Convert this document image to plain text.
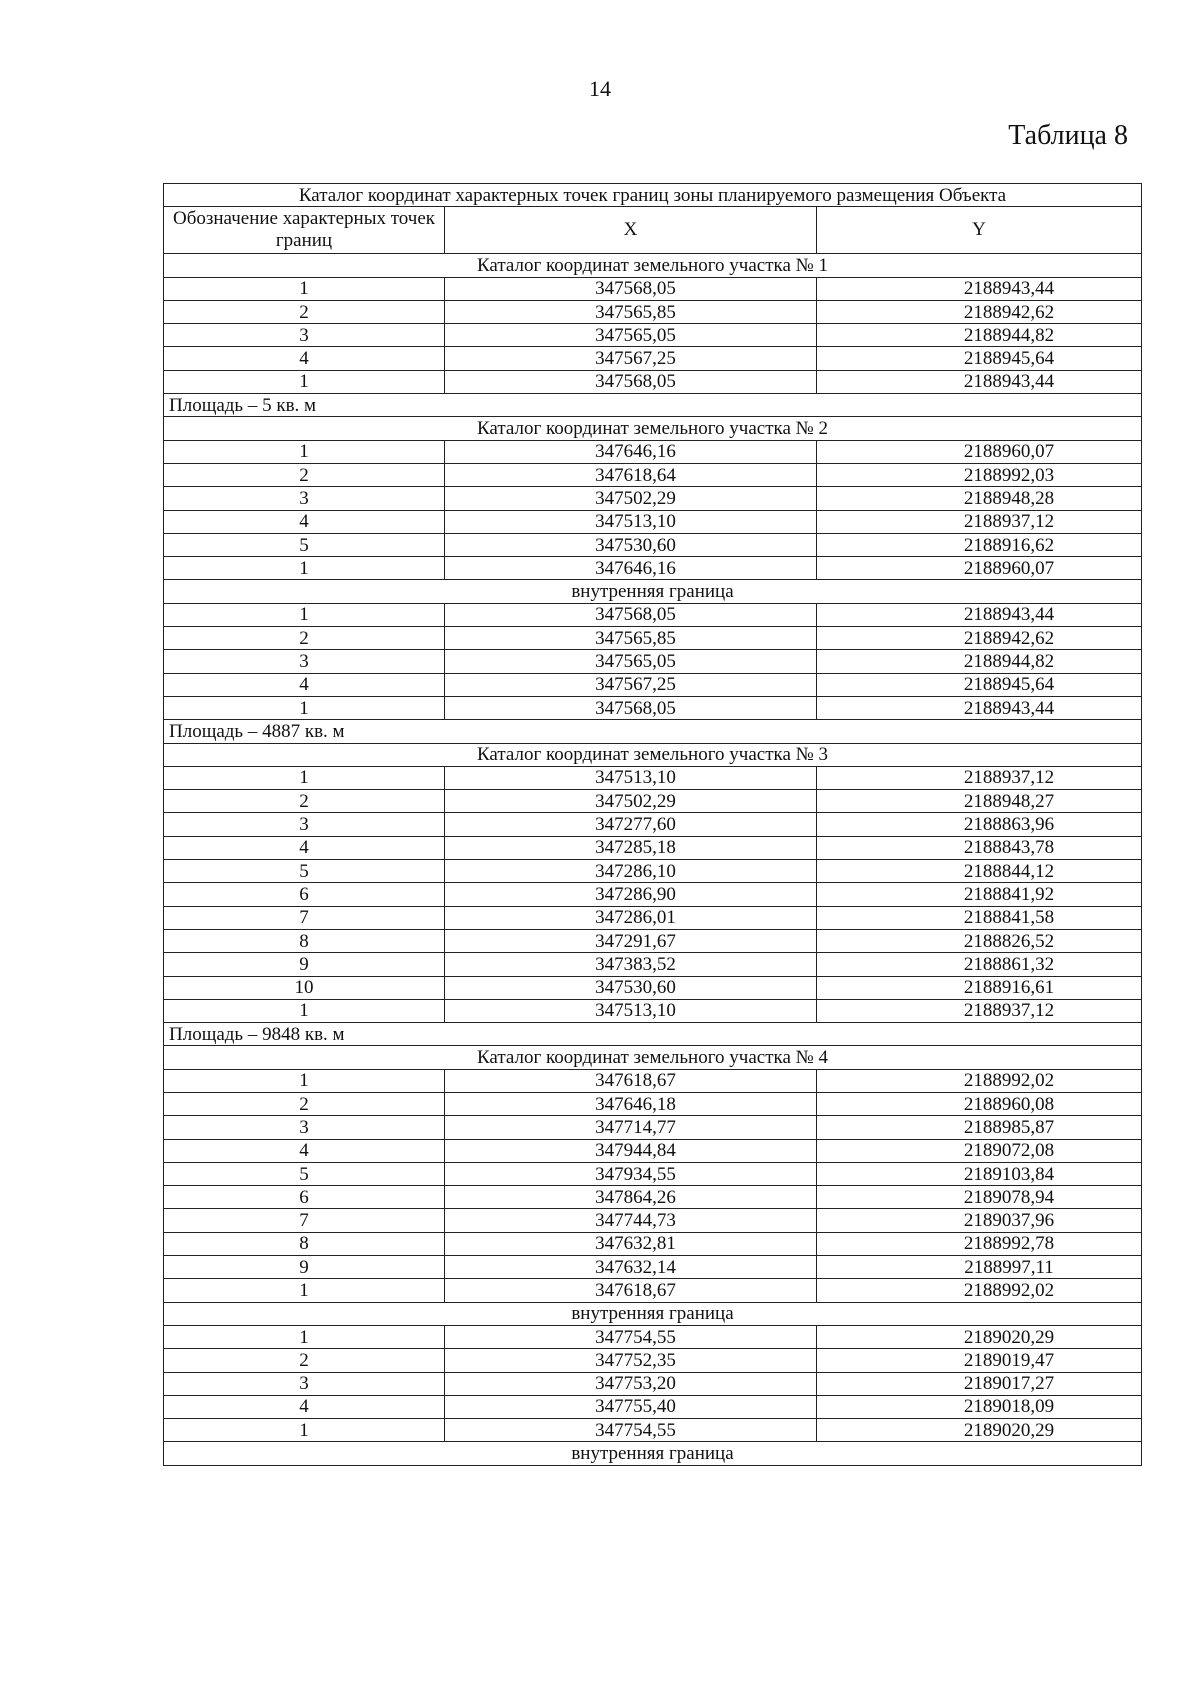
14
Таблица 8
Каталог координат характерных точек границ зоны планируемого размещения Объекта		
Обозначение характерных точек границ	X	Y
Каталог координат земельного участка № 1		
1	347568,05	2188943,44
2	347565,85	2188942,62
3	347565,05	2188944,82
4	347567,25	2188945,64
1	347568,05	2188943,44
Площадь – 5 кв. м		
Каталог координат земельного участка № 2		
1	347646,16	2188960,07
2	347618,64	2188992,03
3	347502,29	2188948,28
4	347513,10	2188937,12
5	347530,60	2188916,62
1	347646,16	2188960,07
внутренняя граница		
1	347568,05	2188943,44
2	347565,85	2188942,62
3	347565,05	2188944,82
4	347567,25	2188945,64
1	347568,05	2188943,44
Площадь – 4887 кв. м		
Каталог координат земельного участка № 3		
1	347513,10	2188937,12
2	347502,29	2188948,27
3	347277,60	2188863,96
4	347285,18	2188843,78
5	347286,10	2188844,12
6	347286,90	2188841,92
7	347286,01	2188841,58
8	347291,67	2188826,52
9	347383,52	2188861,32
10	347530,60	2188916,61
1	347513,10	2188937,12
Площадь – 9848 кв. м		
Каталог координат земельного участка № 4		
1	347618,67	2188992,02
2	347646,18	2188960,08
3	347714,77	2188985,87
4	347944,84	2189072,08
5	347934,55	2189103,84
6	347864,26	2189078,94
7	347744,73	2189037,96
8	347632,81	2188992,78
9	347632,14	2188997,11
1	347618,67	2188992,02
внутренняя граница		
1	347754,55	2189020,29
2	347752,35	2189019,47
3	347753,20	2189017,27
4	347755,40	2189018,09
1	347754,55	2189020,29
внутренняя граница		
